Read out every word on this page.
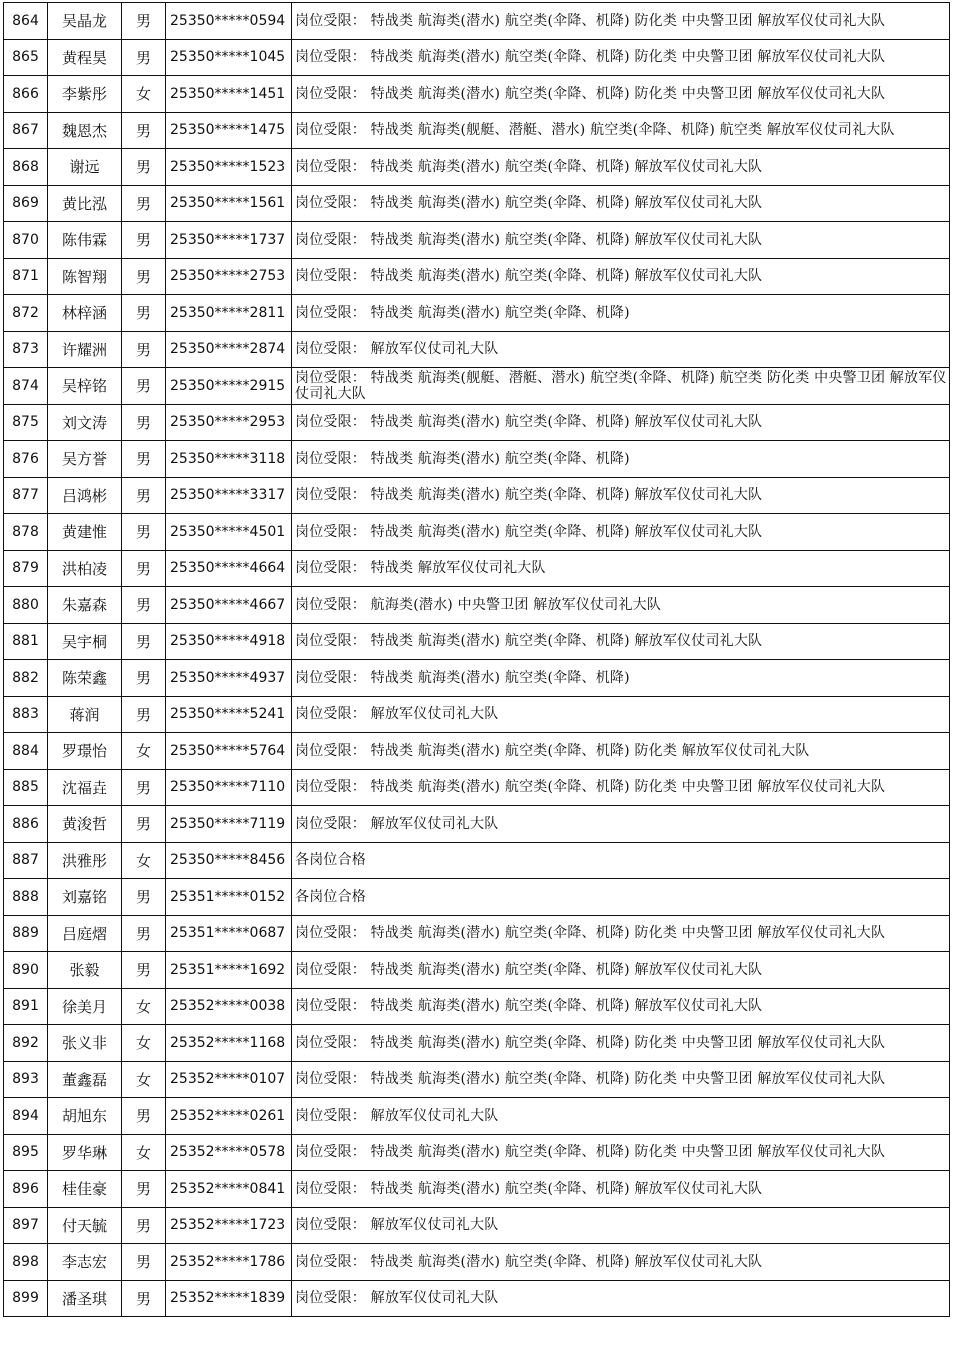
864	吴晶龙	男	25350*****0594	岗位受限： 特战类 航海类(潜水) 航空类(伞降、机降) 防化类 中央警卫团 解放军仪仗司礼大队
865	黄程昊	男	25350*****1045	岗位受限： 特战类 航海类(潜水) 航空类(伞降、机降) 防化类 中央警卫团 解放军仪仗司礼大队
866	李紫彤	女	25350*****1451	岗位受限： 特战类 航海类(潜水) 航空类(伞降、机降) 防化类 中央警卫团 解放军仪仗司礼大队
867	魏恩杰	男	25350*****1475	岗位受限： 特战类 航海类(舰艇、潜艇、潜水) 航空类(伞降、机降) 航空类 解放军仪仗司礼大队
868	谢远	男	25350*****1523	岗位受限： 特战类 航海类(潜水) 航空类(伞降、机降) 解放军仪仗司礼大队
869	黄比泓	男	25350*****1561	岗位受限： 特战类 航海类(潜水) 航空类(伞降、机降) 解放军仪仗司礼大队
870	陈伟霖	男	25350*****1737	岗位受限： 特战类 航海类(潜水) 航空类(伞降、机降) 解放军仪仗司礼大队
871	陈智翔	男	25350*****2753	岗位受限： 特战类 航海类(潜水) 航空类(伞降、机降) 解放军仪仗司礼大队
872	林梓涵	男	25350*****2811	岗位受限： 特战类 航海类(潜水) 航空类(伞降、机降)
873	许耀洲	男	25350*****2874	岗位受限： 解放军仪仗司礼大队
874	吴梓铭	男	25350*****2915	岗位受限： 特战类 航海类(舰艇、潜艇、潜水) 航空类(伞降、机降) 航空类 防化类 中央警卫团 解放军仪仗司礼大队
875	刘文涛	男	25350*****2953	岗位受限： 特战类 航海类(潜水) 航空类(伞降、机降) 解放军仪仗司礼大队
876	吴方誉	男	25350*****3118	岗位受限： 特战类 航海类(潜水) 航空类(伞降、机降)
877	吕鸿彬	男	25350*****3317	岗位受限： 特战类 航海类(潜水) 航空类(伞降、机降) 解放军仪仗司礼大队
878	黄建惟	男	25350*****4501	岗位受限： 特战类 航海类(潜水) 航空类(伞降、机降) 解放军仪仗司礼大队
879	洪柏凌	男	25350*****4664	岗位受限： 特战类 解放军仪仗司礼大队
880	朱嘉森	男	25350*****4667	岗位受限： 航海类(潜水) 中央警卫团 解放军仪仗司礼大队
881	吴宇桐	男	25350*****4918	岗位受限： 特战类 航海类(潜水) 航空类(伞降、机降) 解放军仪仗司礼大队
882	陈荣鑫	男	25350*****4937	岗位受限： 特战类 航海类(潜水) 航空类(伞降、机降)
883	蒋润	男	25350*****5241	岗位受限： 解放军仪仗司礼大队
884	罗璟怡	女	25350*****5764	岗位受限： 特战类 航海类(潜水) 航空类(伞降、机降) 防化类 解放军仪仗司礼大队
885	沈福垚	男	25350*****7110	岗位受限： 特战类 航海类(潜水) 航空类(伞降、机降) 防化类 中央警卫团 解放军仪仗司礼大队
886	黄浚哲	男	25350*****7119	岗位受限： 解放军仪仗司礼大队
887	洪雅彤	女	25350*****8456	各岗位合格
888	刘嘉铭	男	25351*****0152	各岗位合格
889	吕庭熠	男	25351*****0687	岗位受限： 特战类 航海类(潜水) 航空类(伞降、机降) 防化类 中央警卫团 解放军仪仗司礼大队
890	张毅	男	25351*****1692	岗位受限： 特战类 航海类(潜水) 航空类(伞降、机降) 解放军仪仗司礼大队
891	徐美月	女	25352*****0038	岗位受限： 特战类 航海类(潜水) 航空类(伞降、机降) 解放军仪仗司礼大队
892	张义非	女	25352*****1168	岗位受限： 特战类 航海类(潜水) 航空类(伞降、机降) 防化类 中央警卫团 解放军仪仗司礼大队
893	董鑫磊	女	25352*****0107	岗位受限： 特战类 航海类(潜水) 航空类(伞降、机降) 防化类 中央警卫团 解放军仪仗司礼大队
894	胡旭东	男	25352*****0261	岗位受限： 解放军仪仗司礼大队
895	罗华琳	女	25352*****0578	岗位受限： 特战类 航海类(潜水) 航空类(伞降、机降) 防化类 中央警卫团 解放军仪仗司礼大队
896	桂佳豪	男	25352*****0841	岗位受限： 特战类 航海类(潜水) 航空类(伞降、机降) 解放军仪仗司礼大队
897	付天毓	男	25352*****1723	岗位受限： 解放军仪仗司礼大队
898	李志宏	男	25352*****1786	岗位受限： 特战类 航海类(潜水) 航空类(伞降、机降) 解放军仪仗司礼大队
899	潘圣琪	男	25352*****1839	岗位受限： 解放军仪仗司礼大队
